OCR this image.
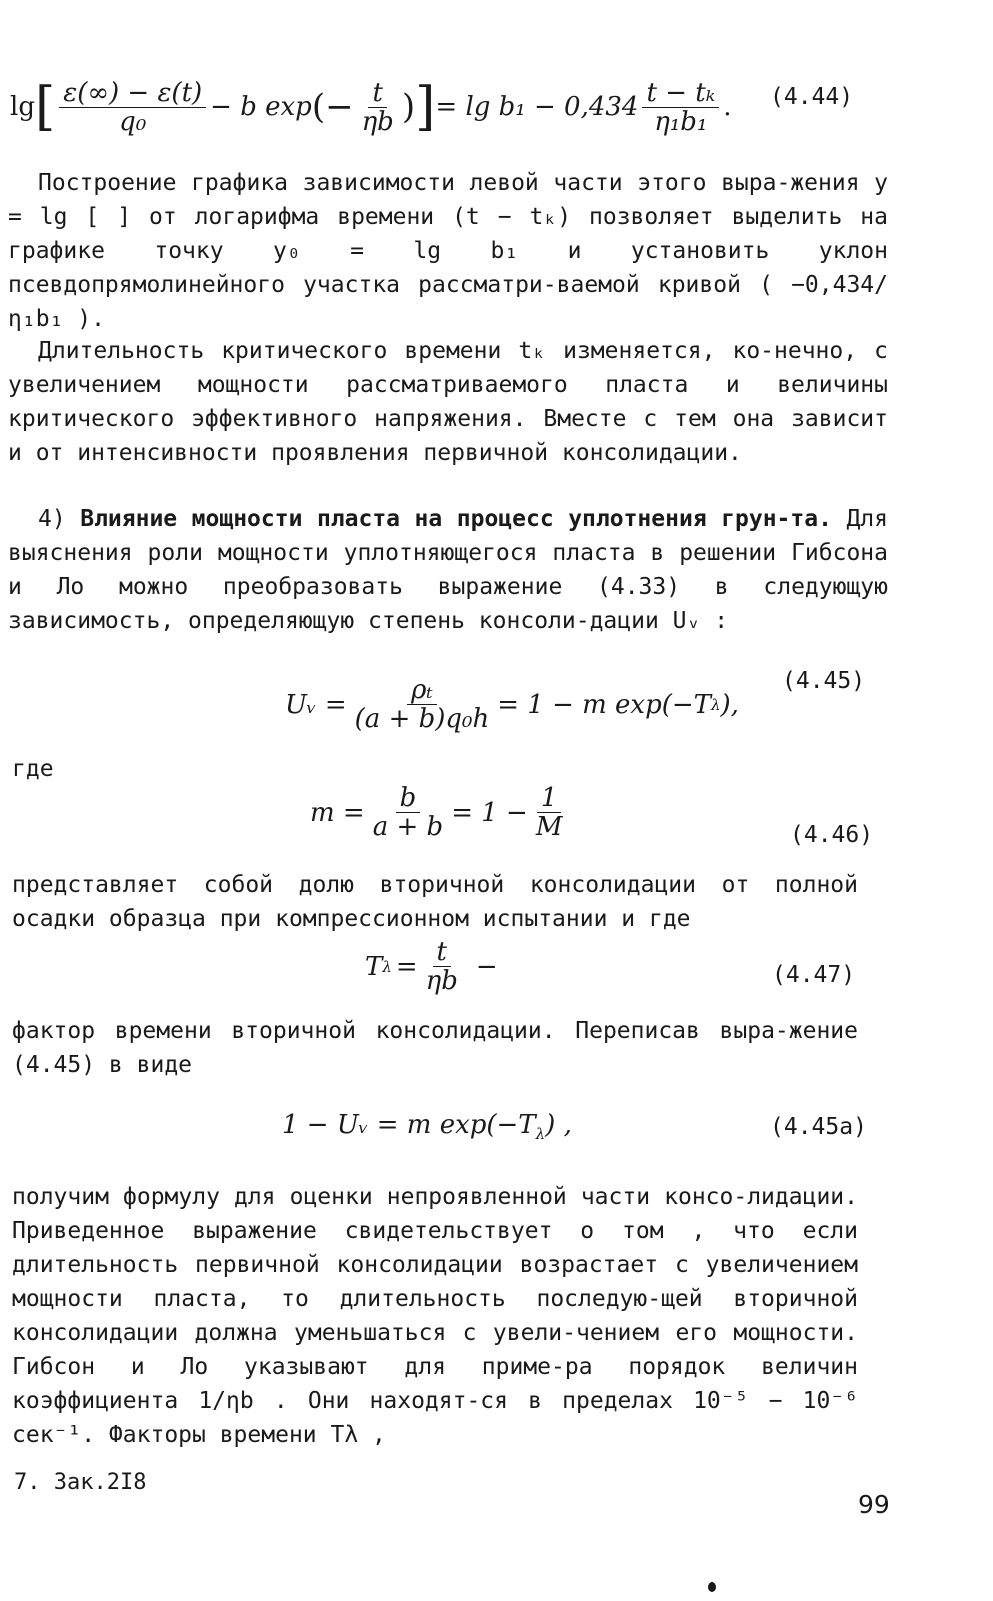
lg [ $\frac{\varepsilon(\infty) - \varepsilon(t)}{\text{q₀}} - b$ exp (− $\frac{t}{\eta b}$ ) ] = $\lg b_1 - 0,434 \frac{\text{t − tₖ}}{\text{η₁b₁}}$ . (4.44)

Построение графика зависимости левой части этого выра-жения y = lg [ ] от логарифма времени (t − tₖ) позволяет выделить на графике точку y₀ = lg b₁ и установить уклон псевдопрямолинейного участка рассматри-ваемой кривой ( −0,434/ η₁b₁ ).

Длительность критического времени tₖ изменяется, ко-нечно, с увеличением мощности рассматриваемого пласта и величины критического эффективного напряжения. Вместе с тем она зависит и от интенсивности проявления первичной консолидации.

4) Влияние мощности пласта на процесс уплотнения грун-та. Для выяснения роли мощности уплотняющегося пласта в решении Гибсона и Ло можно преобразовать выражение (4.33) в следующую зависимость, определяющую степень консоли-дации Uᵥ :

Uᵥ = $\frac{\text{ρₜ}}{\text{(a + b)q₀h}} = 1 - m$ exp(−T λ ),
(4.45)

где

$m = \frac{b}{a + b} = 1 - \frac{1}{M}$	(4.46)

представляет собой долю вторичной консолидации от полной осадки образца при компрессионном испытании и где

T $\lambda = \frac{t}{\eta b}$ −	(4.47)

фактор времени вторичной консолидации. Переписав выра-жение (4.45) в виде

1 − Uᵥ = m $\exp(-T_\lambda)$ ,	(4.45а)

получим формулу для оценки непроявленной части консо-лидации. Приведенное выражение свидетельствует о том , что если длительность первичной консолидации возрастает с увеличением мощности пласта, то длительность последую-щей вторичной консолидации должна уменьшаться с увели-чением его мощности. Гибсон и Ло указывают для приме-ра порядок величин коэффициента 1/ηb . Они находят-ся в пределах 10⁻⁵ − 10⁻⁶ сек⁻¹. Факторы времени Tλ ,

7. Зак.2I8
99
